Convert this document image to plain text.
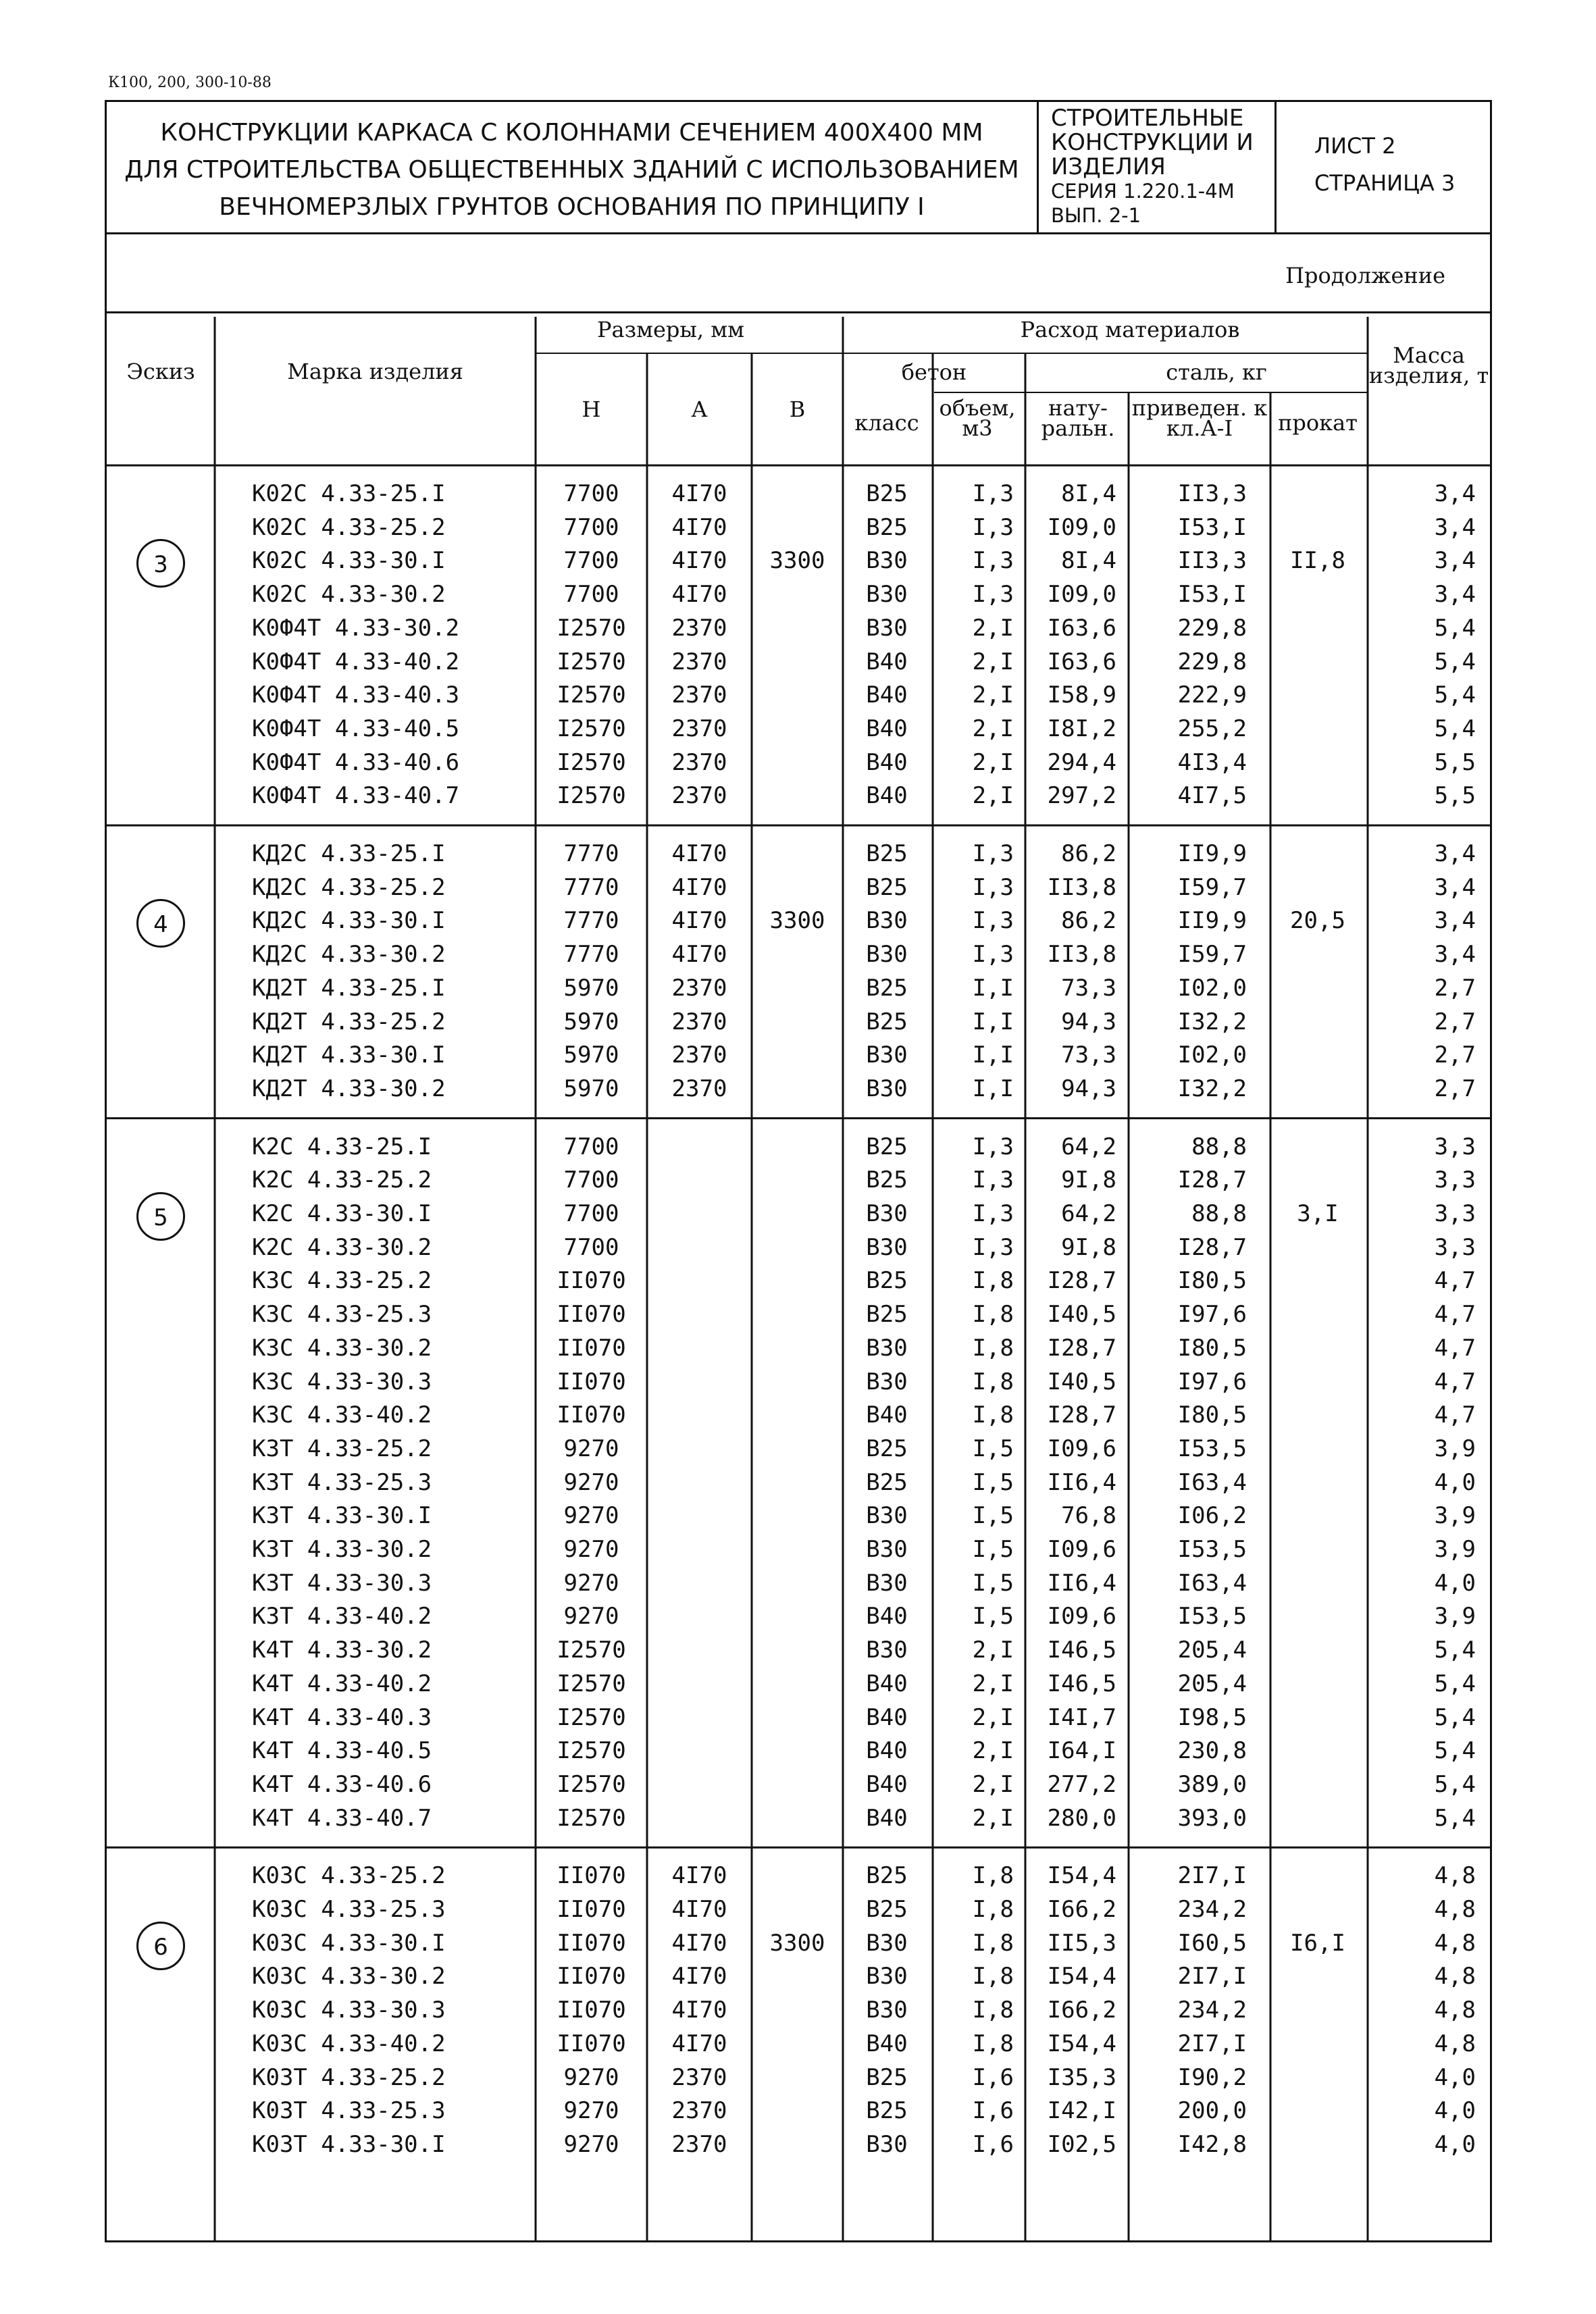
К100, 200, 300-10-88
КОНСТРУКЦИИ КАРКАСА С КОЛОННАМИ СЕЧЕНИЕМ 400Х400 ММ
ДЛЯ СТРОИТЕЛЬСТВА ОБЩЕСТВЕННЫХ ЗДАНИЙ С ИСПОЛЬЗОВАНИЕМ
ВЕЧНОМЕРЗЛЫХ ГРУНТОВ ОСНОВАНИЯ ПО ПРИНЦИПУ I
СТРОИТЕЛЬНЫЕ
КОНСТРУКЦИИ И
ИЗДЕЛИЯ
СЕРИЯ 1.220.1-4М
ВЫП. 2-1
ЛИСТ 2
СТРАНИЦА 3
Продолжение
Эскиз	Марка изделия
Размеры, мм
Н	А	В
Расход материалов
бетон
класс
объем, м3
сталь, кг
нату- ральн.
приведен. к кл.А-I	прокат
Масса изделия, т
К02С 4.33-25.I	7700	4I70	В25	I,3	8I,4	II3,3	3,4
К02С 4.33-25.2	7700	4I70	В25	I,3	I09,0	I53,I	3,4
К02С 4.33-30.I	7700	4I70	В30	I,3	8I,4	II3,3	3,4
К02С 4.33-30.2	7700	4I70	В30	I,3	I09,0	I53,I	3,4
К0Ф4Т 4.33-30.2	I2570	2370	В30	2,I	I63,6	229,8	5,4
К0Ф4Т 4.33-40.2	I2570	2370	В40	2,I	I63,6	229,8	5,4
К0Ф4Т 4.33-40.3	I2570	2370	В40	2,I	I58,9	222,9	5,4
К0Ф4Т 4.33-40.5	I2570	2370	В40	2,I	I8I,2	255,2	5,4
К0Ф4Т 4.33-40.6	I2570	2370	В40	2,I	294,4	4I3,4	5,5
К0Ф4Т 4.33-40.7	I2570	2370	В40	2,I	297,2	4I7,5	5,5
3300	II,8
3
КД2С 4.33-25.I	7770	4I70	В25	I,3	86,2	II9,9	3,4
КД2С 4.33-25.2	7770	4I70	В25	I,3	II3,8	I59,7	3,4
КД2С 4.33-30.I	7770	4I70	В30	I,3	86,2	II9,9	3,4
КД2С 4.33-30.2	7770	4I70	В30	I,3	II3,8	I59,7	3,4
КД2Т 4.33-25.I	5970	2370	В25	I,I	73,3	I02,0	2,7
КД2Т 4.33-25.2	5970	2370	В25	I,I	94,3	I32,2	2,7
КД2Т 4.33-30.I	5970	2370	В30	I,I	73,3	I02,0	2,7
КД2Т 4.33-30.2	5970	2370	В30	I,I	94,3	I32,2	2,7
3300	20,5
4
К2С 4.33-25.I	7700	В25	I,3	64,2	88,8	3,3
К2С 4.33-25.2	7700	В25	I,3	9I,8	I28,7	3,3
К2С 4.33-30.I	7700	В30	I,3	64,2	88,8	3,3
К2С 4.33-30.2	7700	В30	I,3	9I,8	I28,7	3,3
К3С 4.33-25.2	II070	В25	I,8	I28,7	I80,5	4,7
К3С 4.33-25.3	II070	В25	I,8	I40,5	I97,6	4,7
К3С 4.33-30.2	II070	В30	I,8	I28,7	I80,5	4,7
К3С 4.33-30.3	II070	В30	I,8	I40,5	I97,6	4,7
К3С 4.33-40.2	II070	В40	I,8	I28,7	I80,5	4,7
К3Т 4.33-25.2	9270	В25	I,5	I09,6	I53,5	3,9
К3Т 4.33-25.3	9270	В25	I,5	II6,4	I63,4	4,0
К3Т 4.33-30.I	9270	В30	I,5	76,8	I06,2	3,9
К3Т 4.33-30.2	9270	В30	I,5	I09,6	I53,5	3,9
К3Т 4.33-30.3	9270	В30	I,5	II6,4	I63,4	4,0
К3Т 4.33-40.2	9270	В40	I,5	I09,6	I53,5	3,9
К4Т 4.33-30.2	I2570	В30	2,I	I46,5	205,4	5,4
К4Т 4.33-40.2	I2570	В40	2,I	I46,5	205,4	5,4
К4Т 4.33-40.3	I2570	В40	2,I	I4I,7	I98,5	5,4
К4Т 4.33-40.5	I2570	В40	2,I	I64,I	230,8	5,4
К4Т 4.33-40.6	I2570	В40	2,I	277,2	389,0	5,4
К4Т 4.33-40.7	I2570	В40	2,I	280,0	393,0	5,4
3,I
5
К03С 4.33-25.2	II070	4I70	В25	I,8	I54,4	2I7,I	4,8
К03С 4.33-25.3	II070	4I70	В25	I,8	I66,2	234,2	4,8
К03С 4.33-30.I	II070	4I70	В30	I,8	II5,3	I60,5	4,8
К03С 4.33-30.2	II070	4I70	В30	I,8	I54,4	2I7,I	4,8
К03С 4.33-30.3	II070	4I70	В30	I,8	I66,2	234,2	4,8
К03С 4.33-40.2	II070	4I70	В40	I,8	I54,4	2I7,I	4,8
К03Т 4.33-25.2	9270	2370	В25	I,6	I35,3	I90,2	4,0
К03Т 4.33-25.3	9270	2370	В25	I,6	I42,I	200,0	4,0
К03Т 4.33-30.I	9270	2370	В30	I,6	I02,5	I42,8	4,0
3300	I6,I
6
